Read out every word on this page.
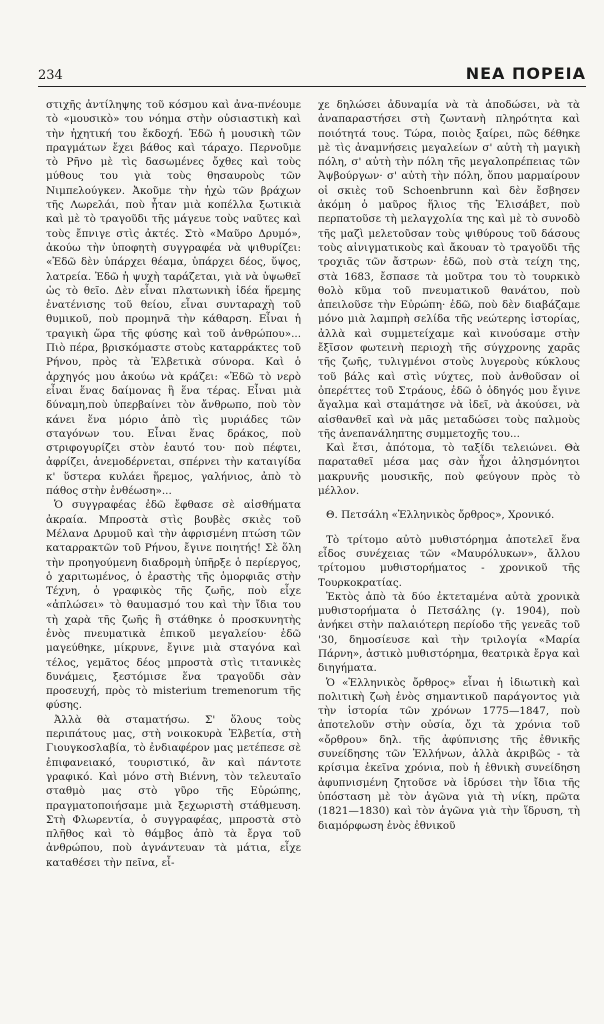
234	ΝΕΑ ΠΟΡΕΙΑ

στιχῆς ἀντίληψης τοῦ κόσμου καὶ ἀνα-πνέουμε τὸ «μουσικὸ» του νόημα στὴν οὐσιαστικὴ καὶ τὴν ἠχητική του ἔκδοχή. Ἐδῶ ἡ μουσικὴ τῶν πραγμάτων ἔχει βάθος καὶ τάραχο. Περνοῦμε τὸ Ρῆνο μὲ τὶς δασωμένες ὄχθες καὶ τοὺς μύθους του γιὰ τοὺς θησαυροὺς τῶν Νιμπελούγκεν. Ἀκοῦμε τὴν ἠχὼ τῶν βράχων τῆς Λωρελάι, ποὺ ἦταν μιὰ κοπέλλα ξωτικιὰ καὶ μὲ τὸ τραγοῦδι τῆς μάγευε τοὺς ναῦτες καὶ τοὺς ἔπνιγε στὶς ἀκτές. Στὸ «Μαῦρο Δρυμό», ἀκούω τὴν ὑποφητὴ συγγραφέα νὰ ψιθυρίζει: «Ἐδῶ δὲν ὑπάρχει θέαμα, ὑπάρχει δέος, ὕψος, λατρεία. Ἐδῶ ἡ ψυχὴ ταράζεται, γιὰ νὰ ὑψωθεῖ ὡς τὸ θεῖο. Δὲν εἶναι πλατωνικὴ ἰδέα ἥρεμης ἐνατένισης τοῦ θείου, εἶναι συνταραχὴ τοῦ θυμικοῦ, ποὺ προμηνᾶ τὴν κάθαρση. Εἶναι ἡ τραγικὴ ὥρα τῆς φύσης καὶ τοῦ ἀνθρώπου»... Πιὸ πέρα, βρισκόμαστε στοὺς καταρράκτες τοῦ Ρήνου, πρὸς τὰ Ἐλβετικὰ σύνορα. Καὶ ὁ ἀρχηγός μου ἀκούω νὰ κράζει: «Ἐδῶ τὸ νερὸ εἶναι ἕνας δαίμονας ἢ ἕνα τέρας. Εἶναι μιὰ δύναμη,ποὺ ὑπερβαίνει τὸν ἄνθρωπο, ποὺ τὸν κάνει ἕνα μόριο ἀπὸ τὶς μυριάδες τῶν σταγόνων του. Εἶναι ἕνας δράκος, ποὺ στριφογυρίζει στὸν ἑαυτό του· ποὺ πέφτει, ἀφρίζει, ἀνεμοδέρνεται, σπέρνει τὴν καταιγίδα κ' ὕστερα κυλάει ἥρεμος, γαλήνιος, ἀπὸ τὸ πάθος στὴν ἐνθέωση»...

Ὁ συγγραφέας ἐδῶ ἔφθασε σὲ αἰσθήματα ἀκραία. Μπροστὰ στὶς βουβὲς σκιὲς τοῦ Μέλανα Δρυμοῦ καὶ τὴν ἀφρισμένη πτώση τῶν καταρρακτῶν τοῦ Ρήνου, ἔγινε ποιητής! Σὲ ὅλη τὴν προηγούμενη διαδρομὴ ὑπῆρξε ὁ περίεργος, ὁ χαριτωμένος, ὁ ἐραστὴς τῆς ὁμορφιᾶς στὴν Τέχνη, ὁ γραφικὸς τῆς ζωῆς, ποὺ εἶχε «ἁπλώσει» τὸ θαυμασμό του καὶ τὴν ἴδια του τὴ χαρὰ τῆς ζωῆς ἢ στάθηκε ὁ προσκυνητὴς ἑνὸς πνευματικὰ ἐπικοῦ μεγαλείου· ἐδῶ μαγεύθηκε, μίκρυνε, ἔγινε μιὰ σταγόνα καὶ τέλος, γεμᾶτος δέος μπροστὰ στὶς τιτανικὲς δυνάμεις, ξεστόμισε ἕνα τραγοῦδι σὰν προσευχή, πρὸς τὸ misterium tremenorum τῆς φύσης.

Ἀλλὰ θὰ σταματήσω. Σ' ὅλους τοὺς περιπάτους μας, στὴ νοικοκυρὰ Ἐλβετία, στὴ Γιουγκοσλαβία, τὸ ἐνδιαφέρον μας μετέπεσε σὲ ἐπιφανειακό, τουριστικό, ἂν καὶ πάντοτε γραφικό. Καὶ μόνο στὴ Βιέννη, τὸν τελευταῖο σταθμὸ μας στὸ γῦρο τῆς Εὐρώπης, πραγματοποιήσαμε μιὰ ξεχωριστὴ στάθμευση. Στὴ Φλωρεντία, ὁ συγγραφέας, μπροστὰ στὸ πλῆθος καὶ τὸ θάμβος ἀπὸ τὰ ἔργα τοῦ ἀνθρώπου, ποὺ ἀγνάντευαν τὰ μάτια, εἶχε καταθέσει τὴν πεῖνα, εἶ-

χε δηλώσει ἀδυναμία νὰ τὰ ἀποδώσει, νὰ τὰ ἀναπαραστήσει στὴ ζωντανὴ πληρότητα καὶ ποιότητά τους. Τώρα, ποιὸς ξαίρει, πῶς δέθηκε μὲ τὶς ἀναμνήσεις μεγαλείων σ' αὐτὴ τὴ μαγικὴ πόλη, σ' αὐτὴ τὴν πόλη τῆς μεγαλοπρέπειας τῶν Ἀψβούργων· σ' αὐτὴ τὴν πόλη, ὅπου μαρμαίρουν οἱ σκιὲς τοῦ Schoenbrunn καὶ δὲν ἔσβησεν ἀκόμη ὁ μαῦρος ἥλιος τῆς Ἐλισάβετ, ποὺ περπατοῦσε τὴ μελαγχολία της καὶ μὲ τὸ συνοδὸ τῆς μαζὶ μελετοῦσαν τοὺς ψιθύρους τοῦ δάσους τοὺς αἰνιγματικοὺς καὶ ἄκουαν τὸ τραγοῦδι τῆς τροχιᾶς τῶν ἄστρων· ἐδῶ, ποὺ στὰ τείχη της, στὰ 1683, ἔσπασε τὰ μοῦτρα του τὸ τουρκικὸ θολὸ κῦμα τοῦ πνευματικοῦ θανάτου, ποὺ ἀπειλοῦσε τὴν Εὐρώπη· ἐδῶ, ποὺ δὲν διαβάζαμε μόνο μιὰ λαμπρὴ σελίδα τῆς νεώτερης ἱστορίας, ἀλλὰ καὶ συμμετείχαμε καὶ κινούσαμε στὴν ἔξῖσον φωτεινὴ περιοχὴ τῆς σύγχρονης χαρᾶς τῆς ζωῆς, τυλιγμένοι στοὺς λυγεροὺς κύκλους τοῦ βάλς καὶ στὶς νύχτες, ποὺ ἀνθοῦσαν οἱ ὀπερέττες τοῦ Στράους, ἐδῶ ὁ ὁδηγός μου ἔγινε ἄγαλμα καὶ σταμάτησε νὰ ἰδεῖ, νὰ ἀκούσει, νὰ αἰσθανθεῖ καὶ νὰ μᾶς μεταδώσει τοὺς παλμοὺς τῆς ἀνεπανάληπτης συμμετοχῆς του...

Καὶ ἔτσι, ἀπότομα, τὸ ταξίδι τελειώνει. Θὰ παραταθεῖ μέσα μας σὰν ἦχοι ἀλησμόνητοι μακρυνῆς μουσικῆς, ποὺ φεύγουν πρὸς τὸ μέλλον.

Θ. Πετσάλη «Ἑλληνικὸς ὄρθρος», Χρονικό.

Τὸ τρίτομο αὐτὸ μυθιστόρημα ἀποτελεῖ ἕνα εἶδος συνέχειας τῶν «Μαυρόλυκων», ἄλλου τρίτομου μυθιστορήματος - χρονικοῦ τῆς Τουρκοκρατίας.

Ἐκτὸς ἀπὸ τὰ δύο ἐκτεταμένα αὐτὰ χρονικὰ μυθιστορήματα ὁ Πετσάλης (γ. 1904), ποὺ ἀνήκει στὴν παλαιότερη περίοδο τῆς γενεᾶς τοῦ '30, δημοσίευσε καὶ τὴν τριλογία «Μαρία Πάρνη», ἀστικὸ μυθιστόρημα, θεατρικὰ ἔργα καὶ διηγήματα.

Ὁ «Ἑλληνικὸς ὄρθρος» εἶναι ἡ ἰδιωτικὴ καὶ πολιτικὴ ζωὴ ἑνὸς σημαντικοῦ παράγοντος γιὰ τὴν ἱστορία τῶν χρόνων 1775—1847, ποὺ ἀποτελοῦν στὴν οὐσία, ὄχι τὰ χρόνια τοῦ «ὄρθρου» δηλ. τῆς ἀφύπνισης τῆς ἐθνικῆς συνείδησης τῶν Ἑλλήνων, ἀλλὰ ἀκριβῶς - τὰ κρίσιμα ἐκεῖνα χρόνια, ποὺ ἡ ἐθνικὴ συνείδηση ἀφυπνισμένη ζητοῦσε νὰ ἱδρύσει τὴν ἴδια τῆς ὑπόσταση μὲ τὸν ἀγῶνα γιὰ τὴ νίκη, πρῶτα (1821—1830) καὶ τὸν ἀγῶνα γιὰ τὴν ἵδρυση, τὴ διαμόρφωση ἑνὸς ἐθνικοῦ
